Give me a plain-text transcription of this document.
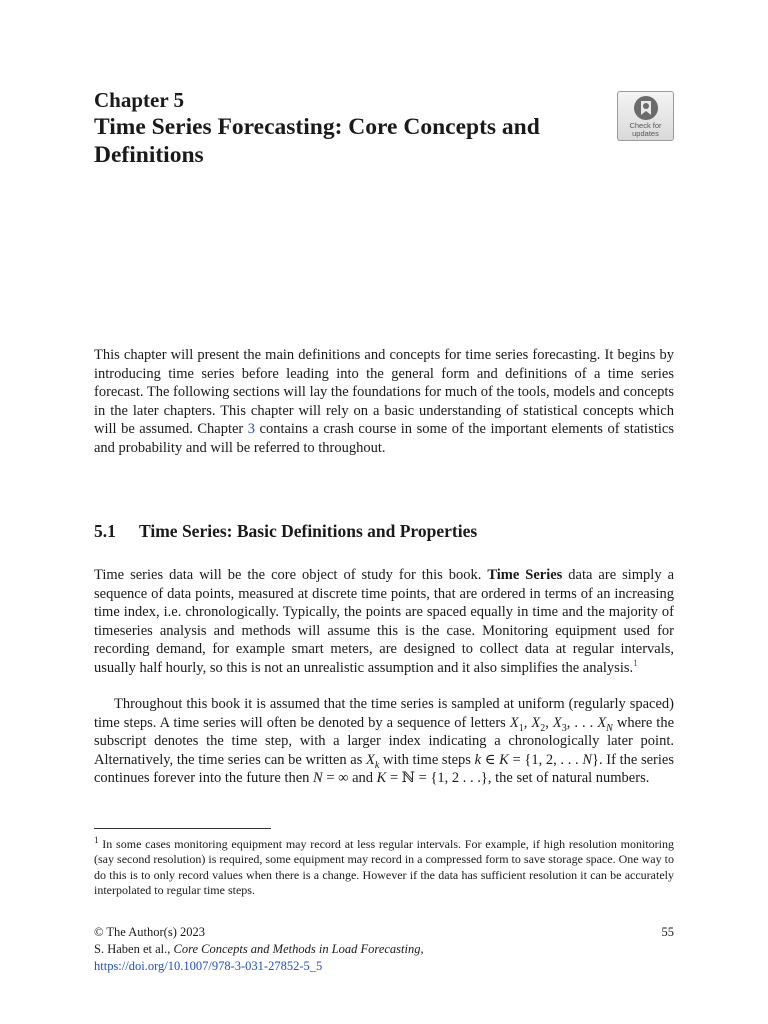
Chapter 5
Time Series Forecasting: Core Concepts and Definitions
Check for
updates

This chapter will present the main definitions and concepts for time series forecasting. It begins by introducing time series before leading into the general form and definitions of a time series forecast. The following sections will lay the foundations for much of the tools, models and concepts in the later chapters. This chapter will rely on a basic understanding of statistical concepts which will be assumed. Chapter 3 contains a crash course in some of the important elements of statistics and probability and will be referred to throughout.

5.1 Time Series: Basic Definitions and Properties

Time series data will be the core object of study for this book. Time Series data are simply a sequence of data points, measured at discrete time points, that are ordered in terms of an increasing time index, i.e. chronologically. Typically, the points are spaced equally in time and the majority of timeseries analysis and methods will assume this is the case. Monitoring equipment used for recording demand, for example smart meters, are designed to collect data at regular intervals, usually half hourly, so this is not an unrealistic assumption and it also simplifies the analysis.$^1$

Throughout this book it is assumed that the time series is sampled at uniform (regularly spaced) time steps. A time series will often be denoted by a sequence of letters $X_1$, $X_2$, $X_3$, . . . $X_N$ where the subscript denotes the time step, with a larger index indicating a chronologically later point. Alternatively, the time series can be written as $X_k$ with time steps k ∈ K = {1, 2, . . . N}. If the series continues forever into the future then N = ∞ and K = ℕ = {1, 2 . . .}, the set of natural numbers.

$^1$ In some cases monitoring equipment may record at less regular intervals. For example, if high resolution monitoring (say second resolution) is required, some equipment may record in a compressed form to save storage space. One way to do this is to only record values when there is a change. However if the data has sufficient resolution it can be accurately interpolated to regular time steps.

© The Author(s) 2023	55
S. Haben et al., Core Concepts and Methods in Load Forecasting,
https://doi.org/10.1007/978-3-031-27852-5_5
